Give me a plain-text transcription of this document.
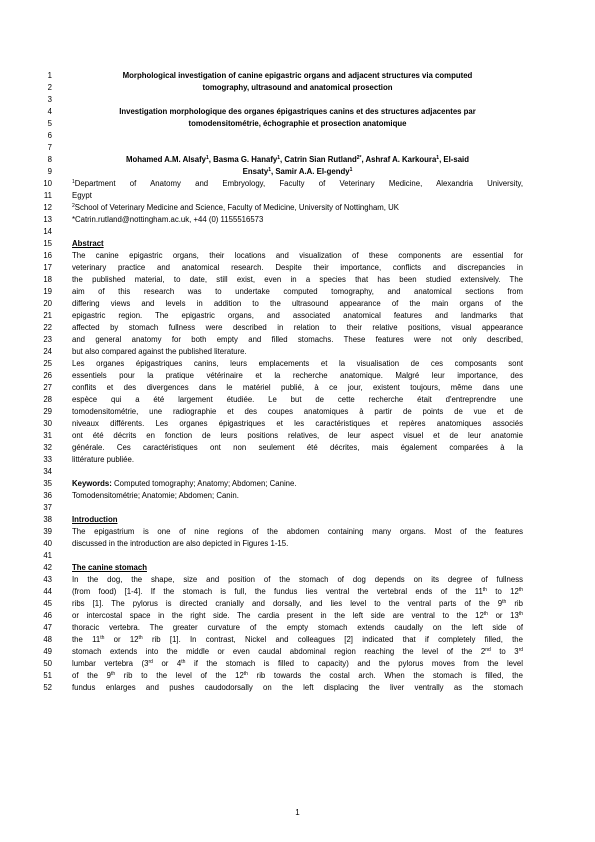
1	Morphological investigation of canine epigastric organs and adjacent structures via computed
2	tomography, ultrasound and anatomical prosection
3
4	Investigation morphologique des organes épigastriques canins et des structures adjacentes par
5	tomodensitométrie, échographie et prosection anatomique
6
7
8	Mohamed A.M. Alsafy$^1$, Basma G. Hanafy$^1$, Catrin Sian Rutland$^{2*}$, Ashraf A. Karkoura$^1$, El-said
9	Ensaty$^1$, Samir A.A. El-gendy$^1$
10	$^1$Department of Anatomy and Embryology, Faculty of Veterinary Medicine, Alexandria University,
11	Egypt
12	$^2$School of Veterinary Medicine and Science, Faculty of Medicine, University of Nottingham, UK
13	*Catrin.rutland@nottingham.ac.uk, +44 (0) 1155516573
14
15	Abstract
16	The canine epigastric organs, their locations and visualization of these components are essential for
17	veterinary practice and anatomical research. Despite their importance, conflicts and discrepancies in
18	the published material, to date, still exist, even in a species that has been studied extensively. The
19	aim of this research was to undertake computed tomography, and anatomical sections from
20	differing views and levels in addition to the ultrasound appearance of the main organs of the
21	epigastric region. The epigastric organs, and associated anatomical features and landmarks that
22	affected by stomach fullness were described in relation to their relative positions, visual appearance
23	and general anatomy for both empty and filled stomachs. These features were not only described,
24	but also compared against the published literature.
25	Les organes épigastriques canins, leurs emplacements et la visualisation de ces composants sont
26	essentiels pour la pratique vétérinaire et la recherche anatomique. Malgré leur importance, des
27	conflits et des divergences dans le matériel publié, à ce jour, existent toujours, même dans une
28	espèce qui a été largement étudiée. Le but de cette recherche était d'entreprendre une
29	tomodensitométrie, une radiographie et des coupes anatomiques à partir de points de vue et de
30	niveaux différents. Les organes épigastriques et les caractéristiques et repères anatomiques associés
31	ont été décrits en fonction de leurs positions relatives, de leur aspect visuel et de leur anatomie
32	générale. Ces caractéristiques ont non seulement été décrites, mais également comparées à la
33	littérature publiée.
34
35	Keywords: Computed tomography; Anatomy; Abdomen; Canine.
36	Tomodensitométrie; Anatomie; Abdomen; Canin.
37
38	Introduction
39	The epigastrium is one of nine regions of the abdomen containing many organs. Most of the features
40	discussed in the introduction are also depicted in Figures 1-15.
41
42	The canine stomach
43	In the dog, the shape, size and position of the stomach of dog depends on its degree of fullness
44	(from food) [1-4]. If the stomach is full, the fundus lies ventral the vertebral ends of the 11th to 12th
45	ribs [1]. The pylorus is directed cranially and dorsally, and lies level to the ventral parts of the 9th rib
46	or intercostal space in the right side. The cardia present in the left side are ventral to the 12th or 13th
47	thoracic vertebra. The greater curvature of the empty stomach extends caudally on the left side of
48	the 11th or 12th rib [1]. In contrast, Nickel and colleagues [2] indicated that if completely filled, the
49	stomach extends into the middle or even caudal abdominal region reaching the level of the 2nd to 3rd
50	lumbar vertebra (3rd or 4th if the stomach is filled to capacity) and the pylorus moves from the level
51	of the 9th rib to the level of the 12th rib towards the costal arch. When the stomach is filled, the
52	fundus enlarges and pushes caudodorsally on the left displacing the liver ventrally as the stomach
1
